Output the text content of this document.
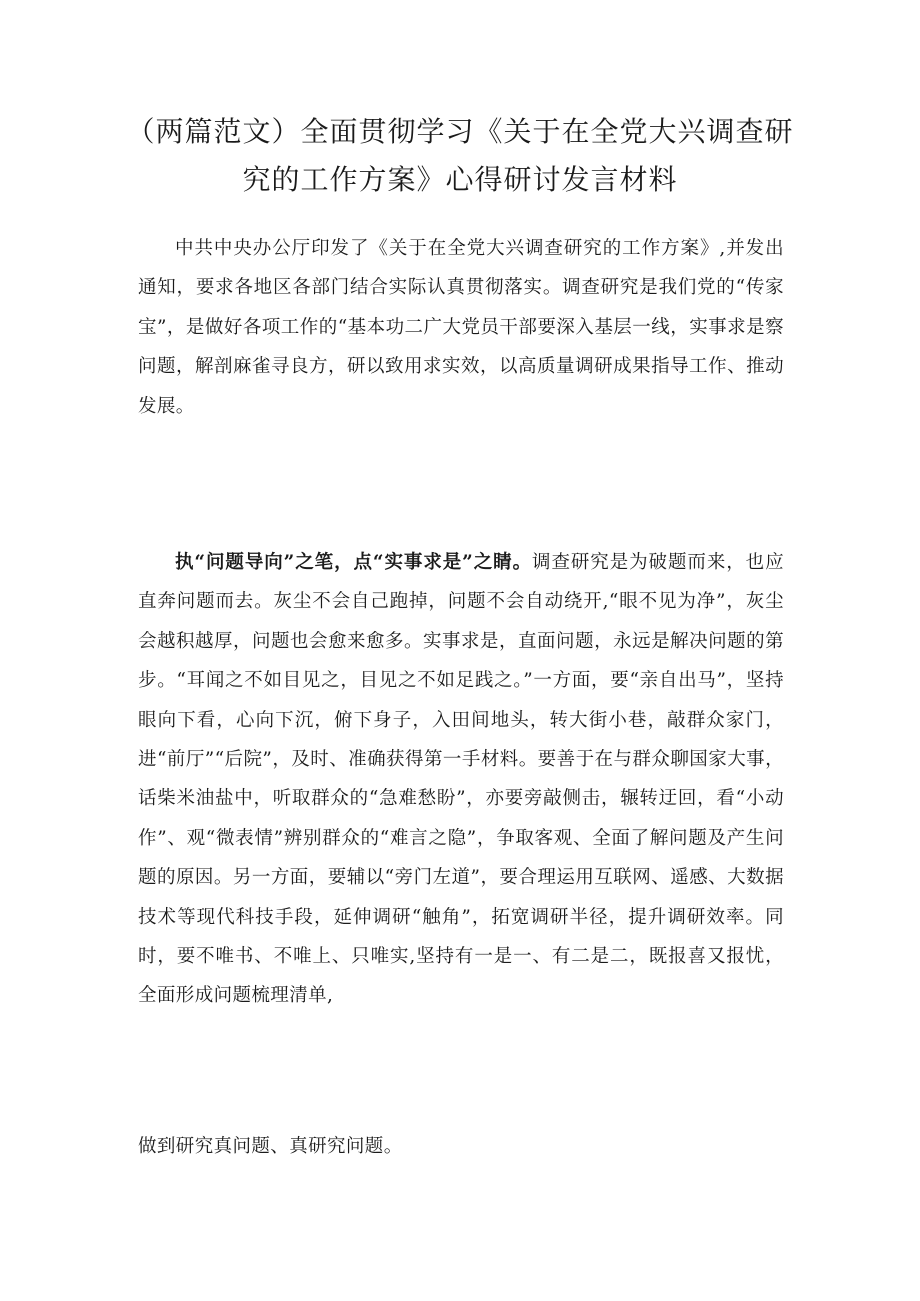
（两篇范文）全面贯彻学习《关于在全党大兴调查研究的工作方案》心得研讨发言材料

中共中央办公厅印发了《关于在全党大兴调查研究的工作方案》,并发出通知，要求各地区各部门结合实际认真贯彻落实。调查研究是我们党的“传家宝”，是做好各项工作的“基本功二广大党员干部要深入基层一线，实事求是察问题，解剖麻雀寻良方，研以致用求实效，以高质量调研成果指导工作、推动发展。

执“问题导向”之笔，点“实事求是”之睛。调查研究是为破题而来，也应直奔问题而去。灰尘不会自己跑掉，问题不会自动绕开,“眼不见为净”，灰尘会越积越厚，问题也会愈来愈多。实事求是，直面问题，永远是解决问题的第步。“耳闻之不如目见之，目见之不如足践之。”一方面，要“亲自出马”，坚持眼向下看，心向下沉，俯下身子，入田间地头，转大街小巷，敲群众家门，进“前厅”“后院”，及时、准确获得第一手材料。要善于在与群众聊国家大事，话柴米油盐中，听取群众的“急难愁盼”，亦要旁敲侧击，辗转迂回，看“小动作”、观“微表情”辨别群众的“难言之隐”，争取客观、全面了解问题及产生问题的原因。另一方面，要辅以“旁门左道”，要合理运用互联网、遥感、大数据技术等现代科技手段，延伸调研“触角”，拓宽调研半径，提升调研效率。同时，要不唯书、不唯上、只唯实,坚持有一是一、有二是二，既报喜又报忧，全面形成问题梳理清单,

做到研究真问题、真研究问题。
